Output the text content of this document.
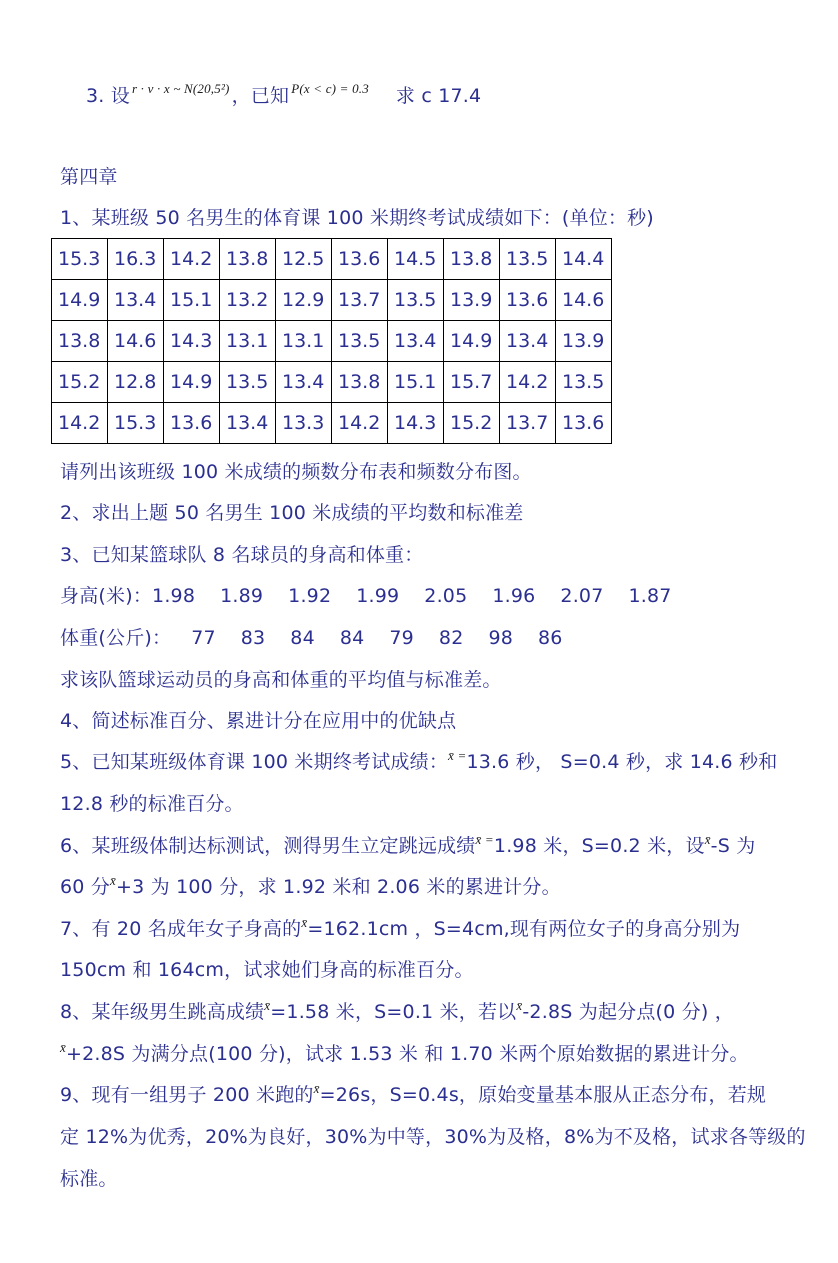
3. 设 $^{r \cdot v \cdot x \sim N(20,5^2)}$ ，已知 $^{P(x < c) = 0.3}$ 求 c 17.4
第四章
1、某班级 50 名男生的体育课 100 米期终考试成绩如下：(单位：秒)
15.3	16.3	14.2	13.8	12.5	13.6	14.5	13.8	13.5	14.4
14.9	13.4	15.1	13.2	12.9	13.7	13.5	13.9	13.6	14.6
13.8	14.6	14.3	13.1	13.1	13.5	13.4	14.9	13.4	13.9
15.2	12.8	14.9	13.5	13.4	13.8	15.1	15.7	14.2	13.5
14.2	15.3	13.6	13.4	13.3	14.2	14.3	15.2	13.7	13.6
请列出该班级 100 米成绩的频数分布表和频数分布图。
2、求出上题 50 名男生 100 米成绩的平均数和标准差
3、已知某篮球队 8 名球员的身高和体重：
身高(米)：1.98    1.89    1.92    1.99    2.05    1.96    2.07    1.87
体重(公斤)： 77    83    84    84    79    82    98    86
求该队篮球运动员的身高和体重的平均值与标准差。
4、简述标准百分、累进计分在应用中的优缺点
5、已知某班级体育课 100 米期终考试成绩：$^{x̄ =}$13.6 秒， S=0.4 秒，求 14.6 秒和
12.8 秒的标准百分。
6、某班级体制达标测试，测得男生立定跳远成绩$^{x̄ =}$1.98 米，S=0.2 米，设$^{x̄}$-S 为
60 分$^{x̄}$+3 为 100 分，求 1.92 米和 2.06 米的累进计分。
7、有 20 名成年女子身高的$^{x̄}$=162.1cm ，S=4cm,现有两位女子的身高分别为
150cm 和 164cm，试求她们身高的标准百分。
8、某年级男生跳高成绩$^{x̄}$=1.58 米，S=0.1 米，若以$^{x̄}$-2.8S 为起分点(0 分) ，
$^{x̄}$+2.8S 为满分点(100 分)，试求 1.53 米 和 1.70 米两个原始数据的累进计分。
9、现有一组男子 200 米跑的$^{x̄}$=26s，S=0.4s，原始变量基本服从正态分布，若规
定 12%为优秀，20%为良好，30%为中等，30%为及格，8%为不及格，试求各等级的
标准。
